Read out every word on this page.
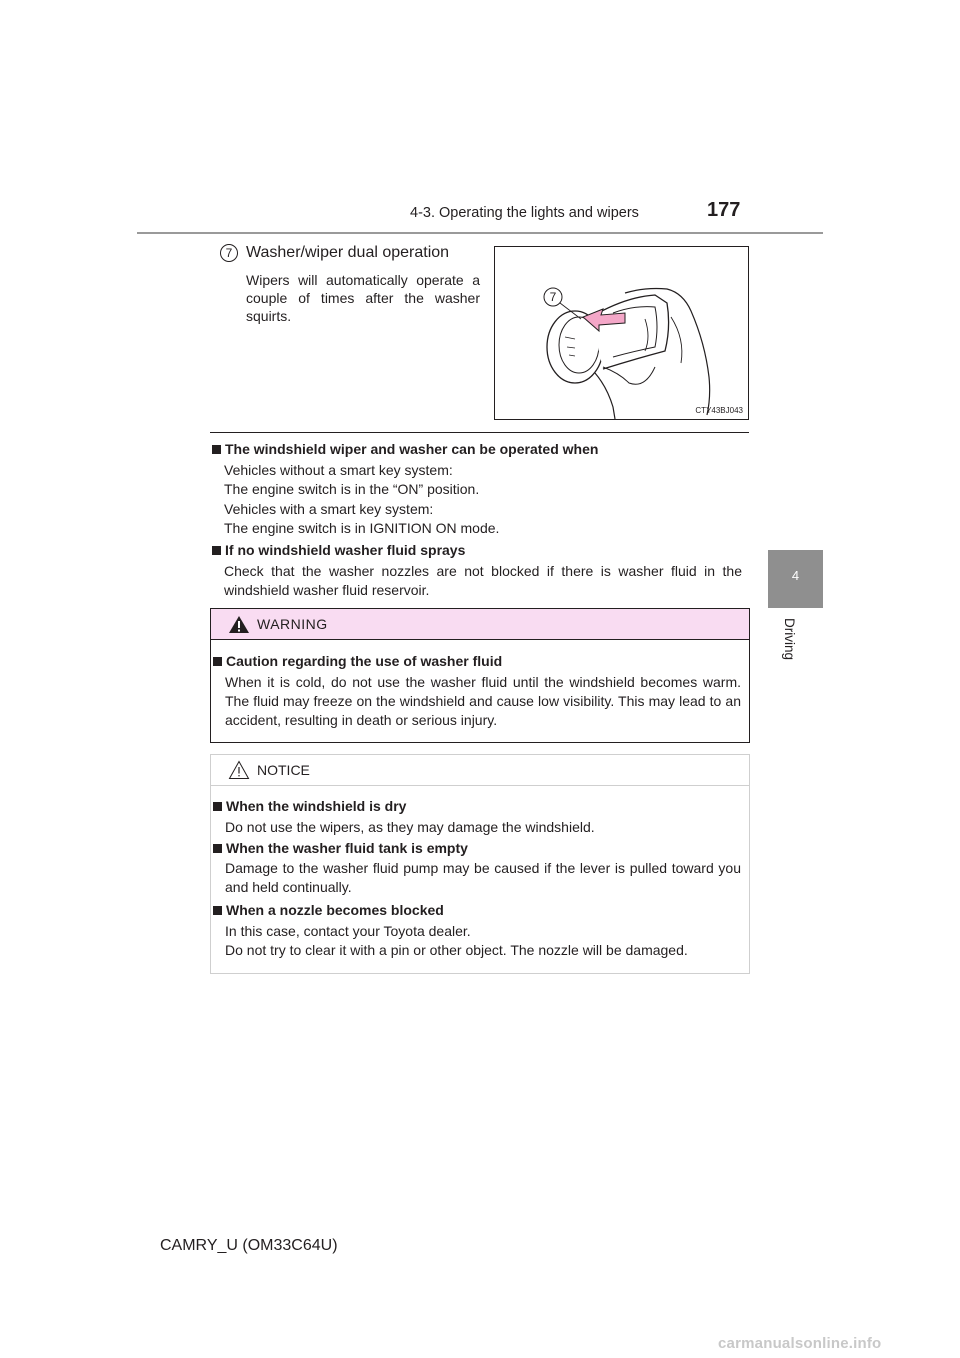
4-3. Operating the lights and wipers	177
4
Driving
7 Washer/wiper dual operation
Wipers will automatically operate a couple of times after the washer squirts.
7
CTY43BJ043
The windshield wiper and washer can be operated when
Vehicles without a smart key system:
The engine switch is in the “ON” position.
Vehicles with a smart key system:
The engine switch is in IGNITION ON mode.
If no windshield washer fluid sprays
Check that the washer nozzles are not blocked if there is washer fluid in the windshield washer fluid reservoir.
WARNING
Caution regarding the use of washer fluid
When it is cold, do not use the washer fluid until the windshield becomes warm. The fluid may freeze on the windshield and cause low visibility. This may lead to an accident, resulting in death or serious injury.
NOTICE
When the windshield is dry
Do not use the wipers, as they may damage the windshield.
When the washer fluid tank is empty
Damage to the washer fluid pump may be caused if the lever is pulled toward you and held continually.
When a nozzle becomes blocked
In this case, contact your Toyota dealer.
Do not try to clear it with a pin or other object. The nozzle will be damaged.
CAMRY_U (OM33C64U)
carmanualsonline.info
